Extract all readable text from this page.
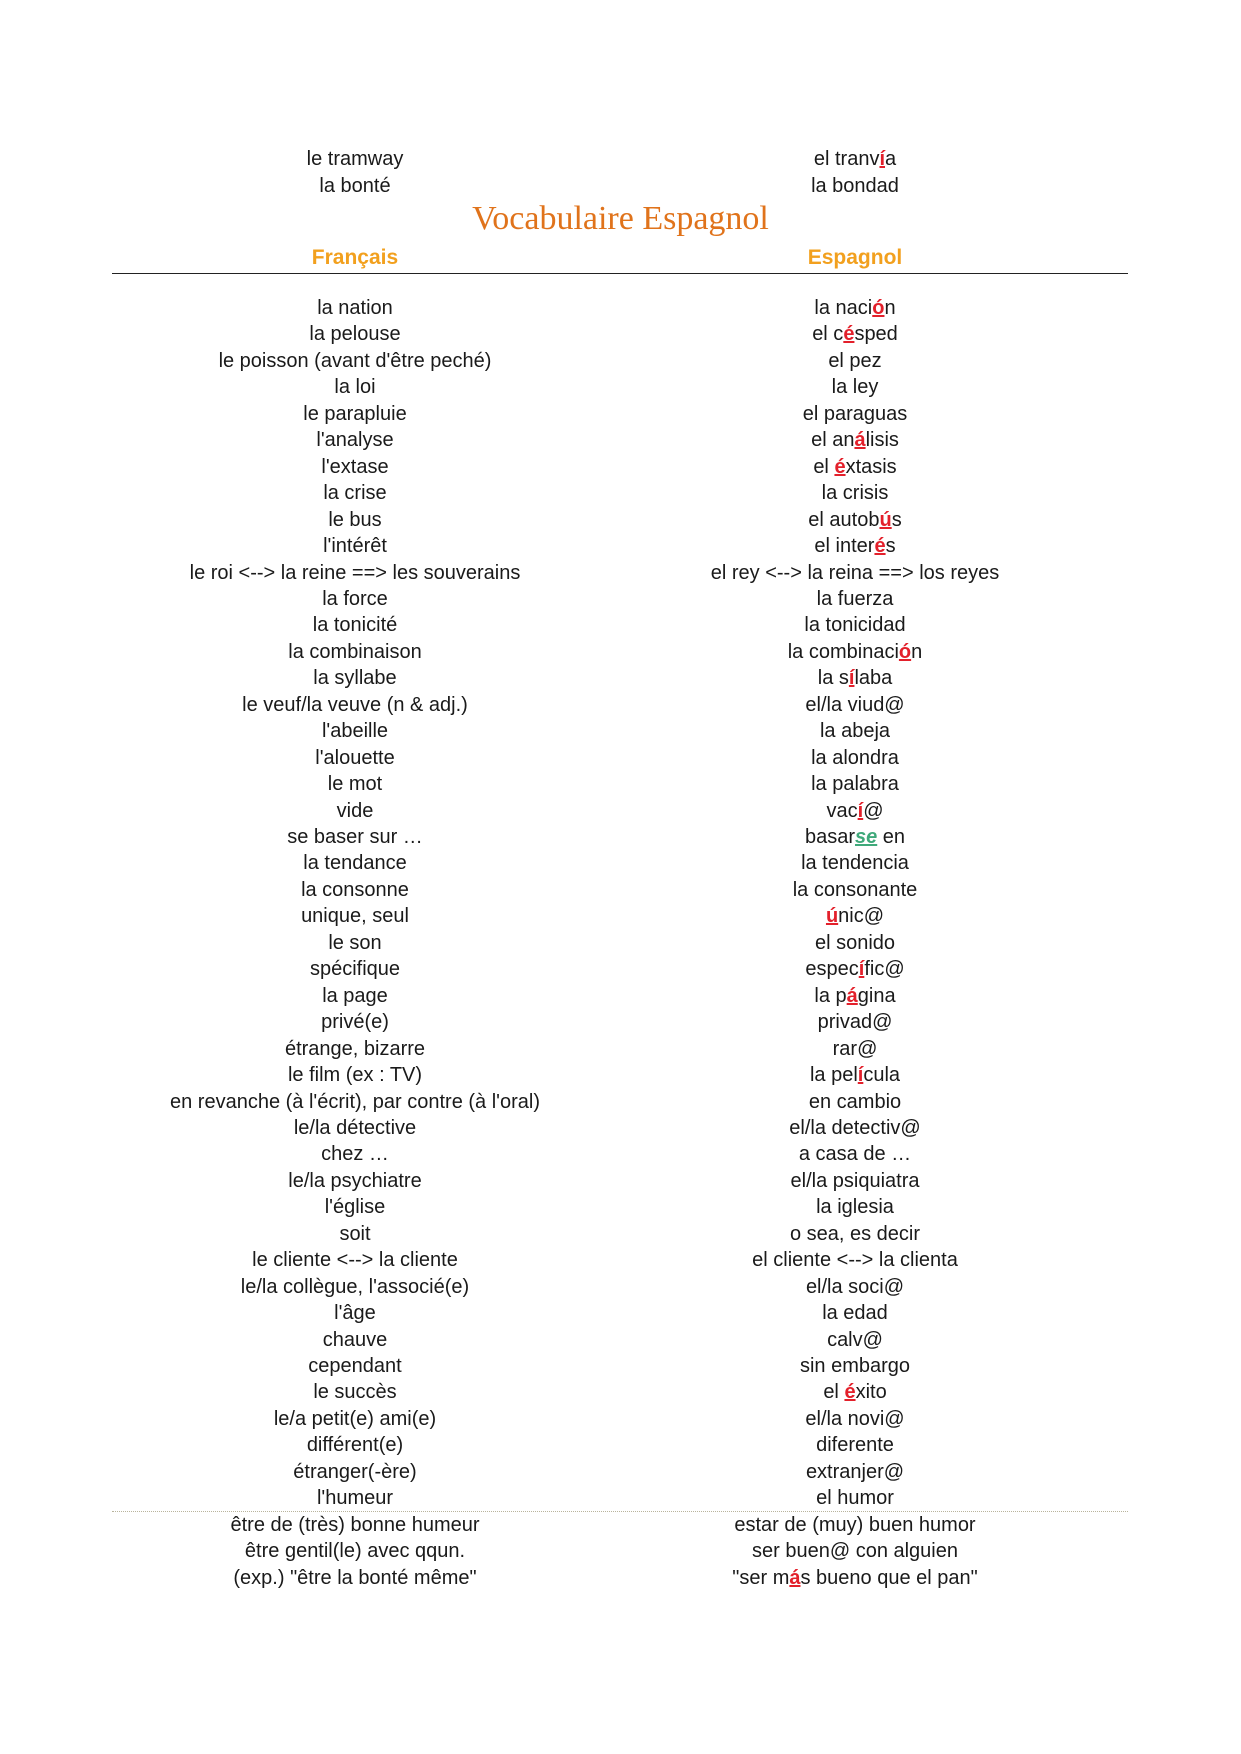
le tramway	el tranvía
la bonté	la bondad
Vocabulaire Espagnol
Français	Espagnol
la nation	la nación
la pelouse	el césped
le poisson (avant d'être peché)	el pez
la loi	la ley
le parapluie	el paraguas
l'analyse	el análisis
l'extase	el éxtasis
la crise	la crisis
le bus	el autobús
l'intérêt	el interés
le roi <--> la reine ==> les souverains	el rey <--> la reina ==> los reyes
la force	la fuerza
la tonicité	la tonicidad
la combinaison	la combinación
la syllabe	la sílaba
le veuf/la veuve (n & adj.)	el/la viud@
l'abeille	la abeja
l'alouette	la alondra
le mot	la palabra
vide	vací@
se baser sur …	basarse en
la tendance	la tendencia
la consonne	la consonante
unique, seul	únic@
le son	el sonido
spécifique	específic@
la page	la página
privé(e)	privad@
étrange, bizarre	rar@
le film (ex : TV)	la película
en revanche (à l'écrit), par contre (à l'oral)	en cambio
le/la détective	el/la detectiv@
chez …	a casa de …
le/la psychiatre	el/la psiquiatra
l'église	la iglesia
soit	o sea, es decir
le cliente <--> la cliente	el cliente <--> la clienta
le/la collègue, l'associé(e)	el/la soci@
l'âge	la edad
chauve	calv@
cependant	sin embargo
le succès	el éxito
le/a petit(e) ami(e)	el/la novi@
différent(e)	diferente
étranger(-ère)	extranjer@
l'humeur	el humor
être de (très) bonne humeur	estar de (muy) buen humor
être gentil(le) avec qqun.	ser buen@ con alguien
(exp.) "être la bonté même"	"ser más bueno que el pan"
